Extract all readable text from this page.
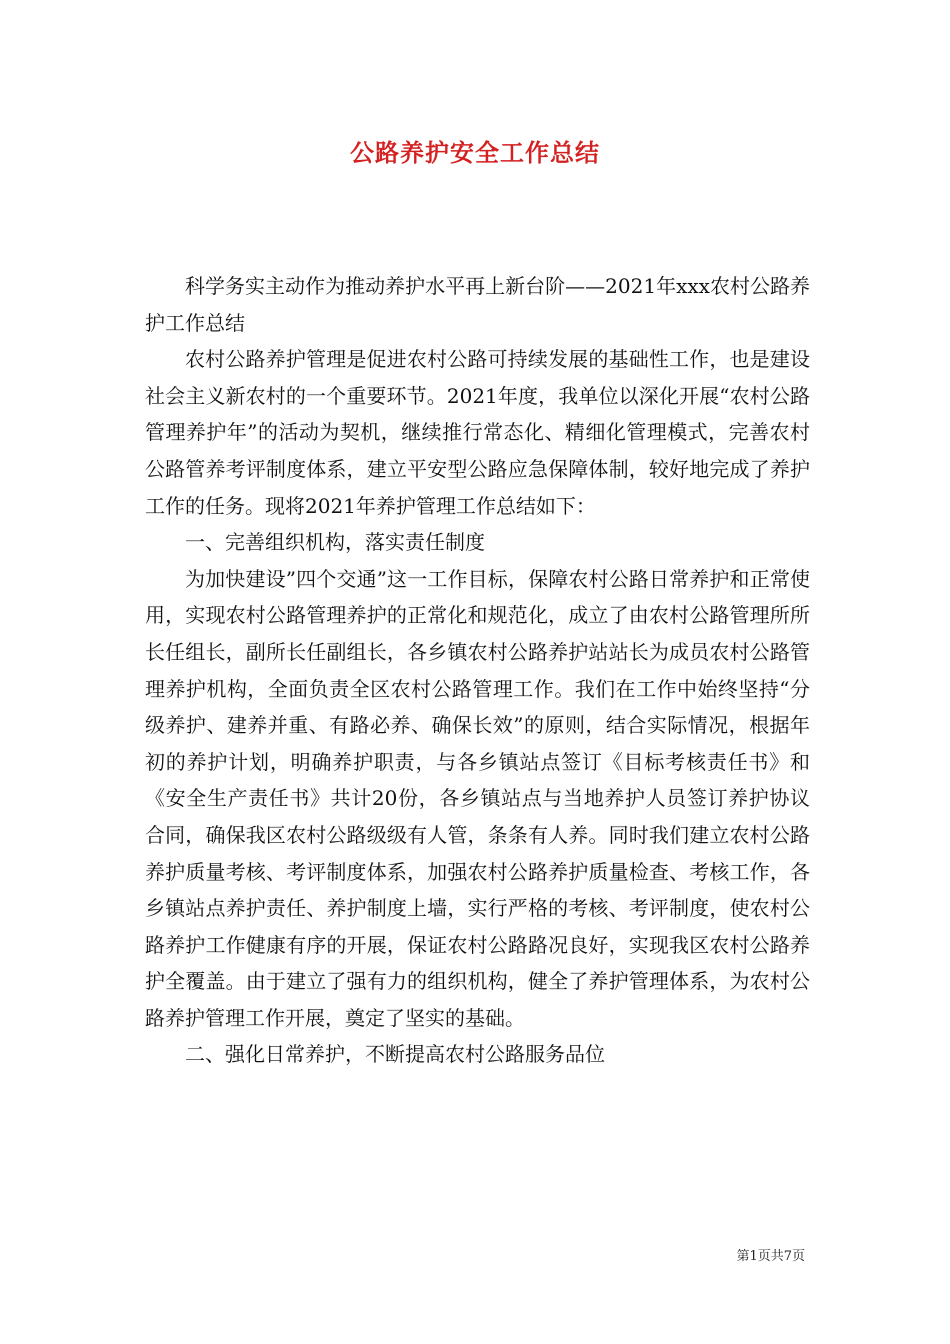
公路养护安全工作总结

科学务实主动作为推动养护水平再上新台阶——2021年xxx农村公路养护工作总结

农村公路养护管理是促进农村公路可持续发展的基础性工作，也是建设社会主义新农村的一个重要环节。2021年度，我单位以深化开展“农村公路管理养护年”的活动为契机，继续推行常态化、精细化管理模式，完善农村公路管养考评制度体系，建立平安型公路应急保障体制，较好地完成了养护工作的任务。现将2021年养护管理工作总结如下：

一、完善组织机构，落实责任制度

为加快建设”四个交通”这一工作目标，保障农村公路日常养护和正常使用，实现农村公路管理养护的正常化和规范化，成立了由农村公路管理所所长任组长，副所长任副组长，各乡镇农村公路养护站站长为成员农村公路管理养护机构，全面负责全区农村公路管理工作。我们在工作中始终坚持“分级养护、建养并重、有路必养、确保长效”的原则，结合实际情况，根据年初的养护计划，明确养护职责，与各乡镇站点签订《目标考核责任书》和《安全生产责任书》共计20份，各乡镇站点与当地养护人员签订养护协议合同，确保我区农村公路级级有人管，条条有人养。同时我们建立农村公路养护质量考核、考评制度体系，加强农村公路养护质量检查、考核工作，各乡镇站点养护责任、养护制度上墙，实行严格的考核、考评制度，使农村公路养护工作健康有序的开展，保证农村公路路况良好，实现我区农村公路养护全覆盖。由于建立了强有力的组织机构，健全了养护管理体系，为农村公路养护管理工作开展，奠定了坚实的基础。

二、强化日常养护，不断提高农村公路服务品位

第1页共7页
